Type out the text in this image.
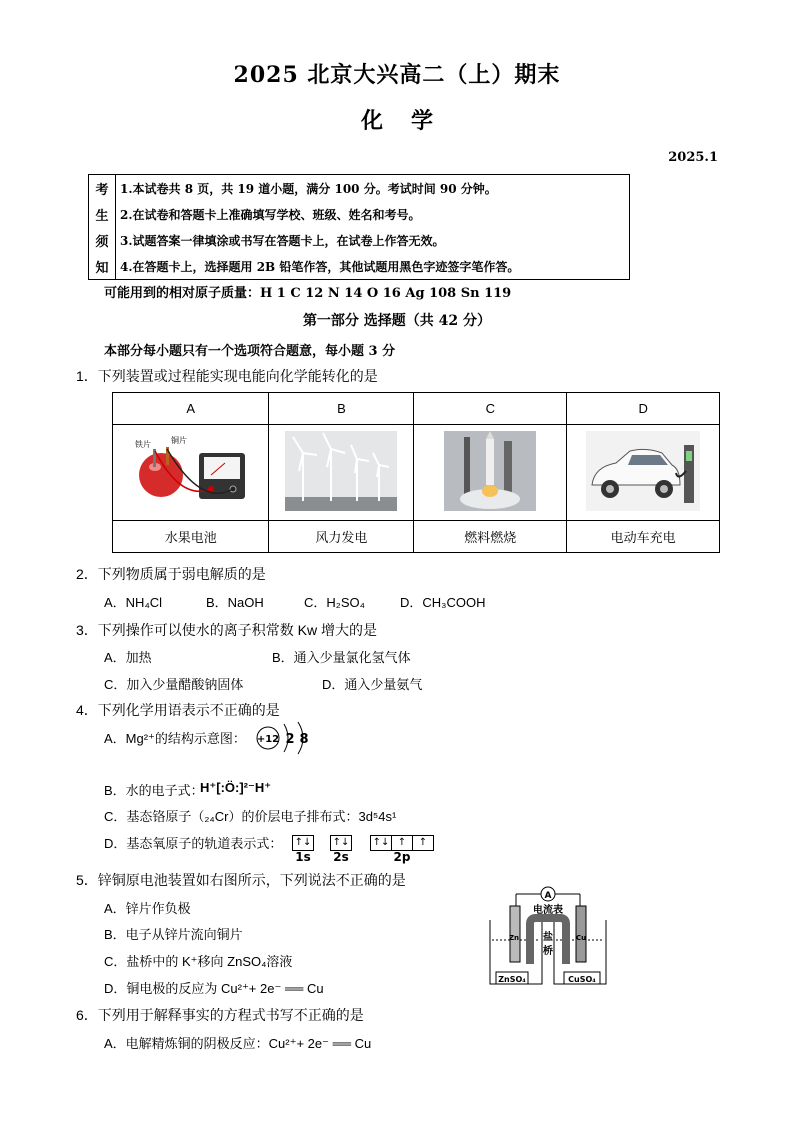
2025 北京大兴高二（上）期末
化学
2025.1
考	1.本试卷共 8 页，共 19 道小题，满分 100 分。考试时间 90 分钟。
生	2.在试卷和答题卡上准确填写学校、班级、姓名和考号。
须	3.试题答案一律填涂或书写在答题卡上，在试卷上作答无效。
知	4.在答题卡上，选择题用 2B 铅笔作答，其他试题用黑色字迹签字笔作答。
可能用到的相对原子质量：H 1 C 12 N 14 O 16 Ag 108 Sn 119
第一部分 选择题（共 42 分）
本部分每小题只有一个选项符合题意，每小题 3 分
1．下列装置或过程能实现电能向化学能转化的是
A	B	C	D

铁片 铜片

水果电池	风力发电	燃料燃烧	电动车充电
2．下列物质属于弱电解质的是
A．NH₄Cl	B．NaOH	C．H₂SO₄	D．CH₃COOH
3．下列操作可以使水的离子积常数 Kw 增大的是
A．加热	B．通入少量氯化氢气体
C．加入少量醋酸钠固体	D．通入少量氨气
4．下列化学用语表示不正确的是
A．Mg²⁺的结构示意图： +12 2 8
B．水的电子式：
H⁺[:Ö:]²⁻H⁺
C．基态铬原子（₂₄Cr）的价层电子排布式：3d⁵4s¹
D．基态氧原子的轨道表示式： ↑↓
1s
↑↓
2s
↑↓ ↑ ↑
2p
5．锌铜原电池装置如右图所示，下列说法不正确的是
A．锌片作负极
B．电子从锌片流向铜片
C．盐桥中的 K⁺移向 ZnSO₄溶液
D．铜电极的反应为 Cu²⁺+ 2e⁻ ══ Cu
A
电流表
Zn	Cu
盐
桥
ZnSO₄	CuSO₄
6．下列用于解释事实的方程式书写不正确的是
A．电解精炼铜的阴极反应：Cu²⁺+ 2e⁻ ══ Cu
